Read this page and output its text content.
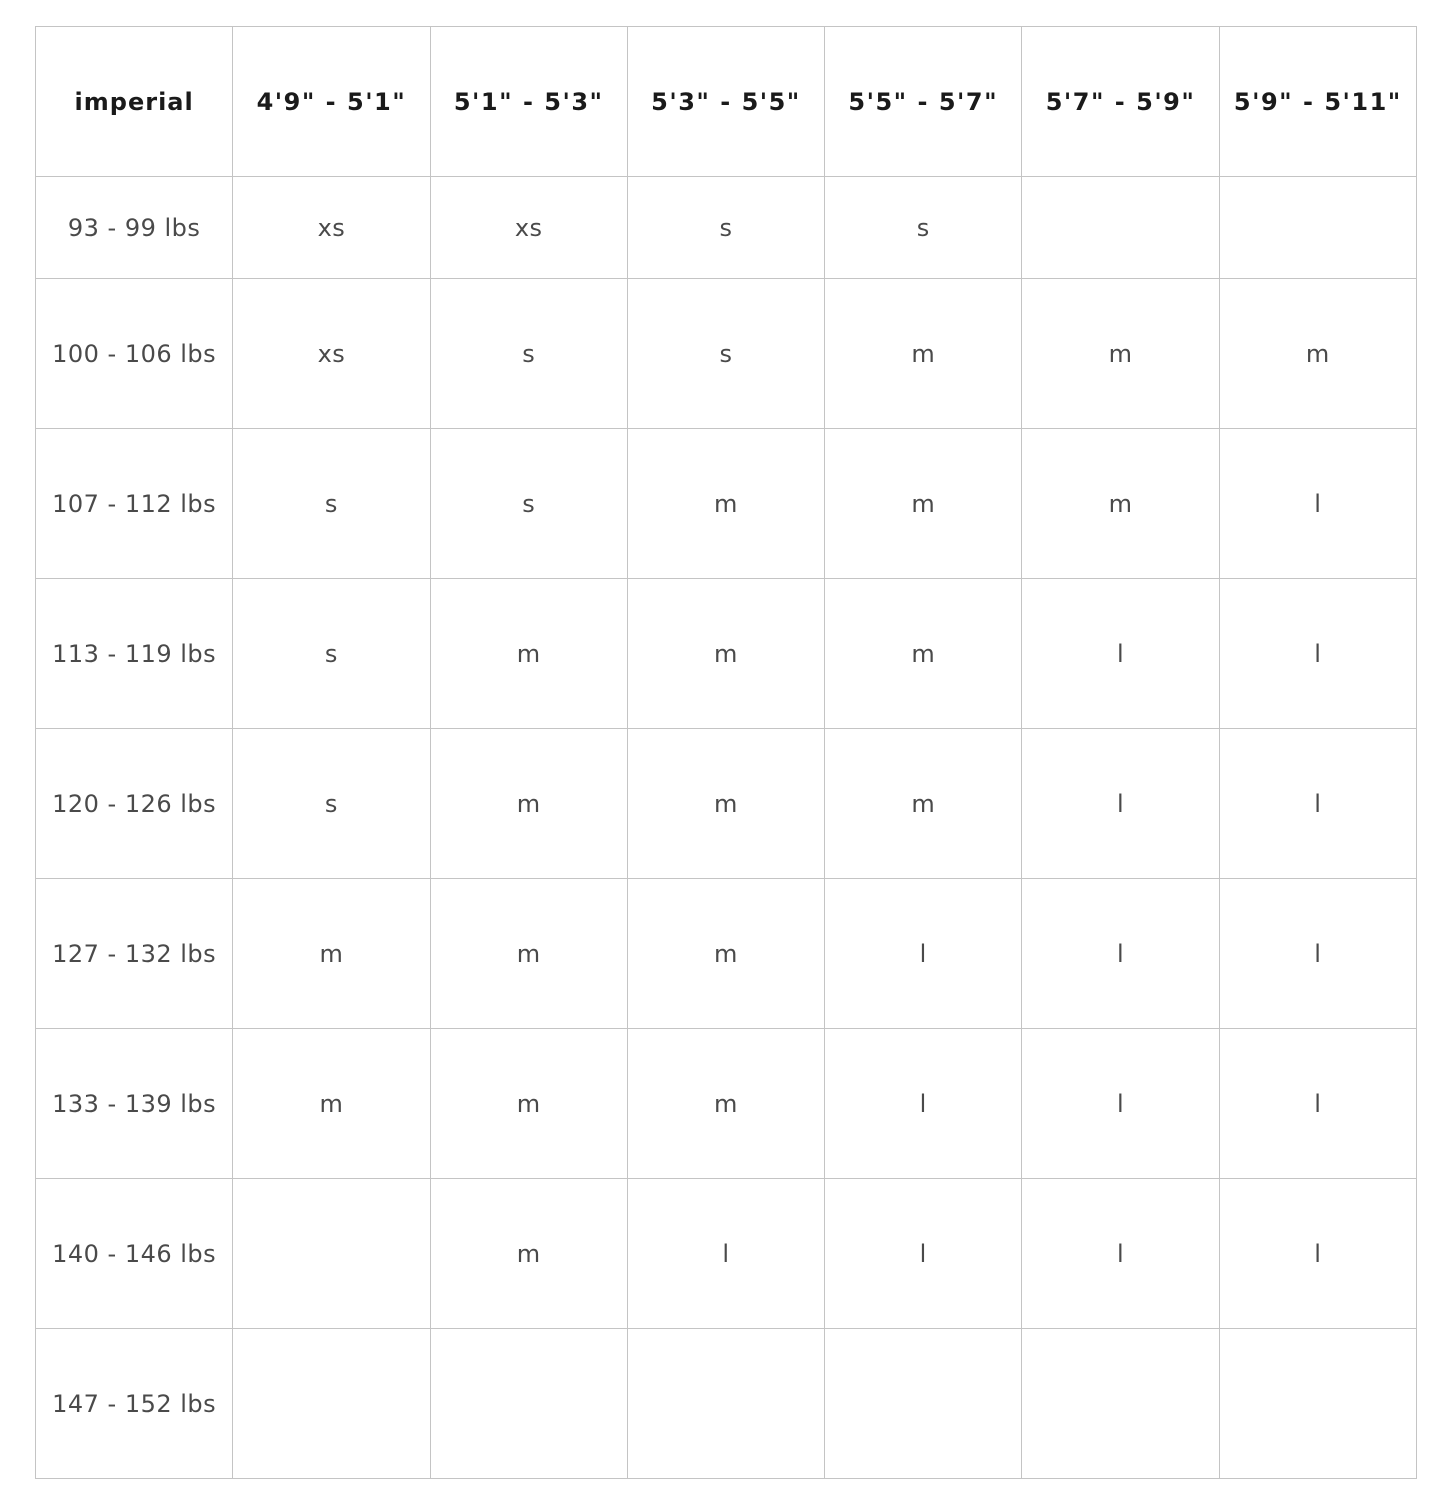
imperial	4'9" - 5'1"	5'1" - 5'3"	5'3" - 5'5"	5'5" - 5'7"	5'7" - 5'9"	5'9" - 5'11"

93 - 99 lbs	xs	xs	s	s		
100 - 106 lbs	xs	s	s	m	m	m
107 - 112 lbs	s	s	m	m	m	l
113 - 119 lbs	s	m	m	m	l	l
120 - 126 lbs	s	m	m	m	l	l
127 - 132 lbs	m	m	m	l	l	l
133 - 139 lbs	m	m	m	l	l	l
140 - 146 lbs		m	l	l	l	l
147 - 152 lbs						
